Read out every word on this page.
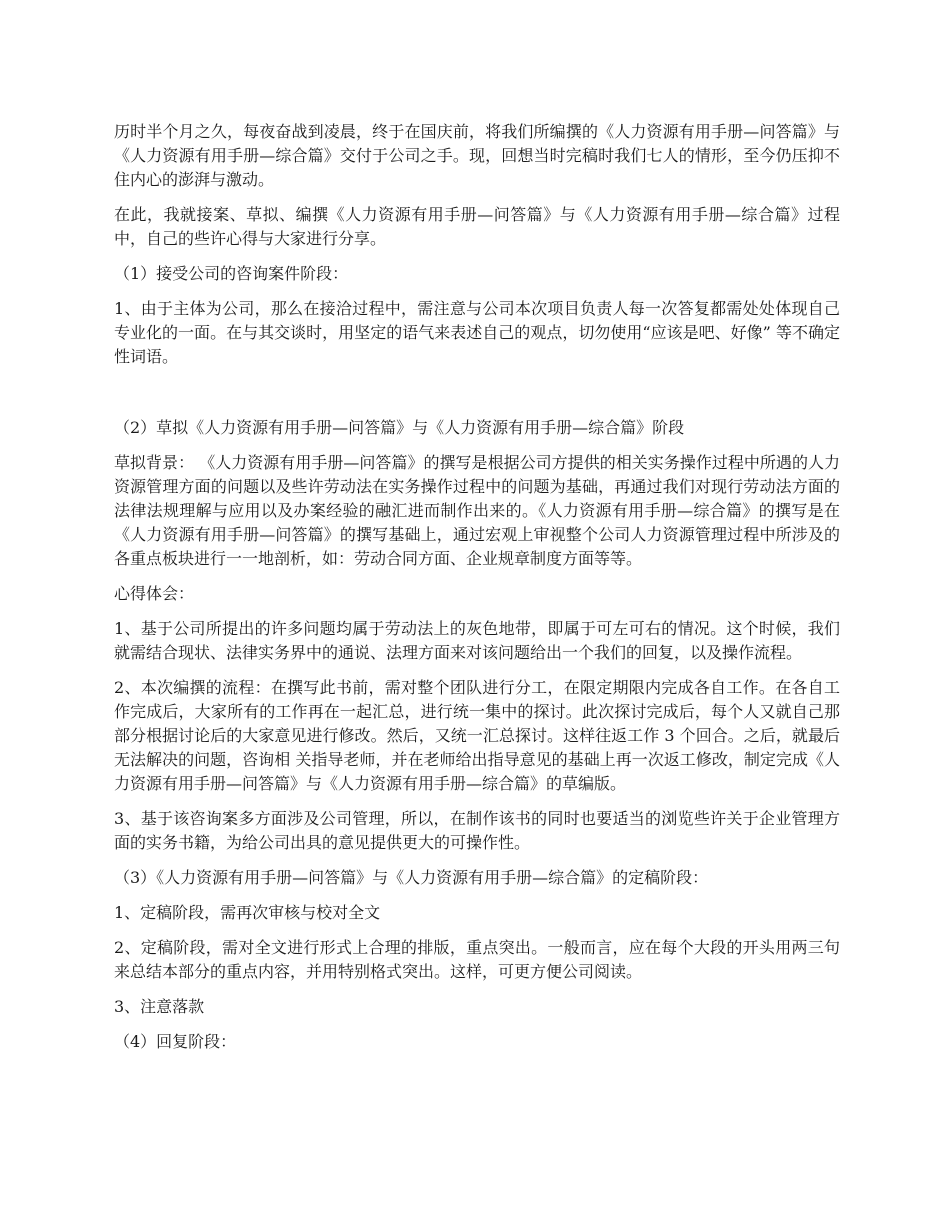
历时半个月之久，每夜奋战到凌晨，终于在国庆前，将我们所编撰的《人力资源有用手册—问答篇》与《人力资源有用手册—综合篇》交付于公司之手。现，回想当时完稿时我们七人的情形，至今仍压抑不住内心的澎湃与激动。

在此，我就接案、草拟、编撰《人力资源有用手册—问答篇》与《人力资源有用手册—综合篇》过程中，自己的些许心得与大家进行分享。

（1）接受公司的咨询案件阶段：

1、由于主体为公司，那么在接洽过程中，需注意与公司本次项目负责人每一次答复都需处处体现自己专业化的一面。在与其交谈时，用坚定的语气来表述自己的观点，切勿使用“应该是吧、好像” 等不确定性词语。

（2）草拟《人力资源有用手册—问答篇》与《人力资源有用手册—综合篇》阶段

草拟背景： 《人力资源有用手册—问答篇》的撰写是根据公司方提供的相关实务操作过程中所遇的人力资源管理方面的问题以及些许劳动法在实务操作过程中的问题为基础，再通过我们对现行劳动法方面的法律法规理解与应用以及办案经验的融汇进而制作出来的。《人力资源有用手册—综合篇》的撰写是在《人力资源有用手册—问答篇》的撰写基础上，通过宏观上审视整个公司人力资源管理过程中所涉及的各重点板块进行一一地剖析，如：劳动合同方面、企业规章制度方面等等。

心得体会：

1、基于公司所提出的许多问题均属于劳动法上的灰色地带，即属于可左可右的情况。这个时候，我们就需结合现状、法律实务界中的通说、法理方面来对该问题给出一个我们的回复，以及操作流程。

2、本次编撰的流程：在撰写此书前，需对整个团队进行分工，在限定期限内完成各自工作。在各自工作完成后，大家所有的工作再在一起汇总，进行统一集中的探讨。此次探讨完成后，每个人又就自己那部分根据讨论后的大家意见进行修改。然后，又统一汇总探讨。这样往返工作 3 个回合。之后，就最后无法解决的问题，咨询相 关指导老师，并在老师给出指导意见的基础上再一次返工修改，制定完成《人力资源有用手册—问答篇》与《人力资源有用手册—综合篇》的草编版。

3、基于该咨询案多方面涉及公司管理，所以，在制作该书的同时也要适当的浏览些许关于企业管理方面的实务书籍，为给公司出具的意见提供更大的可操作性。

（3）《人力资源有用手册—问答篇》与《人力资源有用手册—综合篇》的定稿阶段：

1、定稿阶段，需再次审核与校对全文

2、定稿阶段，需对全文进行形式上合理的排版，重点突出。一般而言，应在每个大段的开头用两三句来总结本部分的重点内容，并用特别格式突出。这样，可更方便公司阅读。

3、注意落款

（4）回复阶段：
